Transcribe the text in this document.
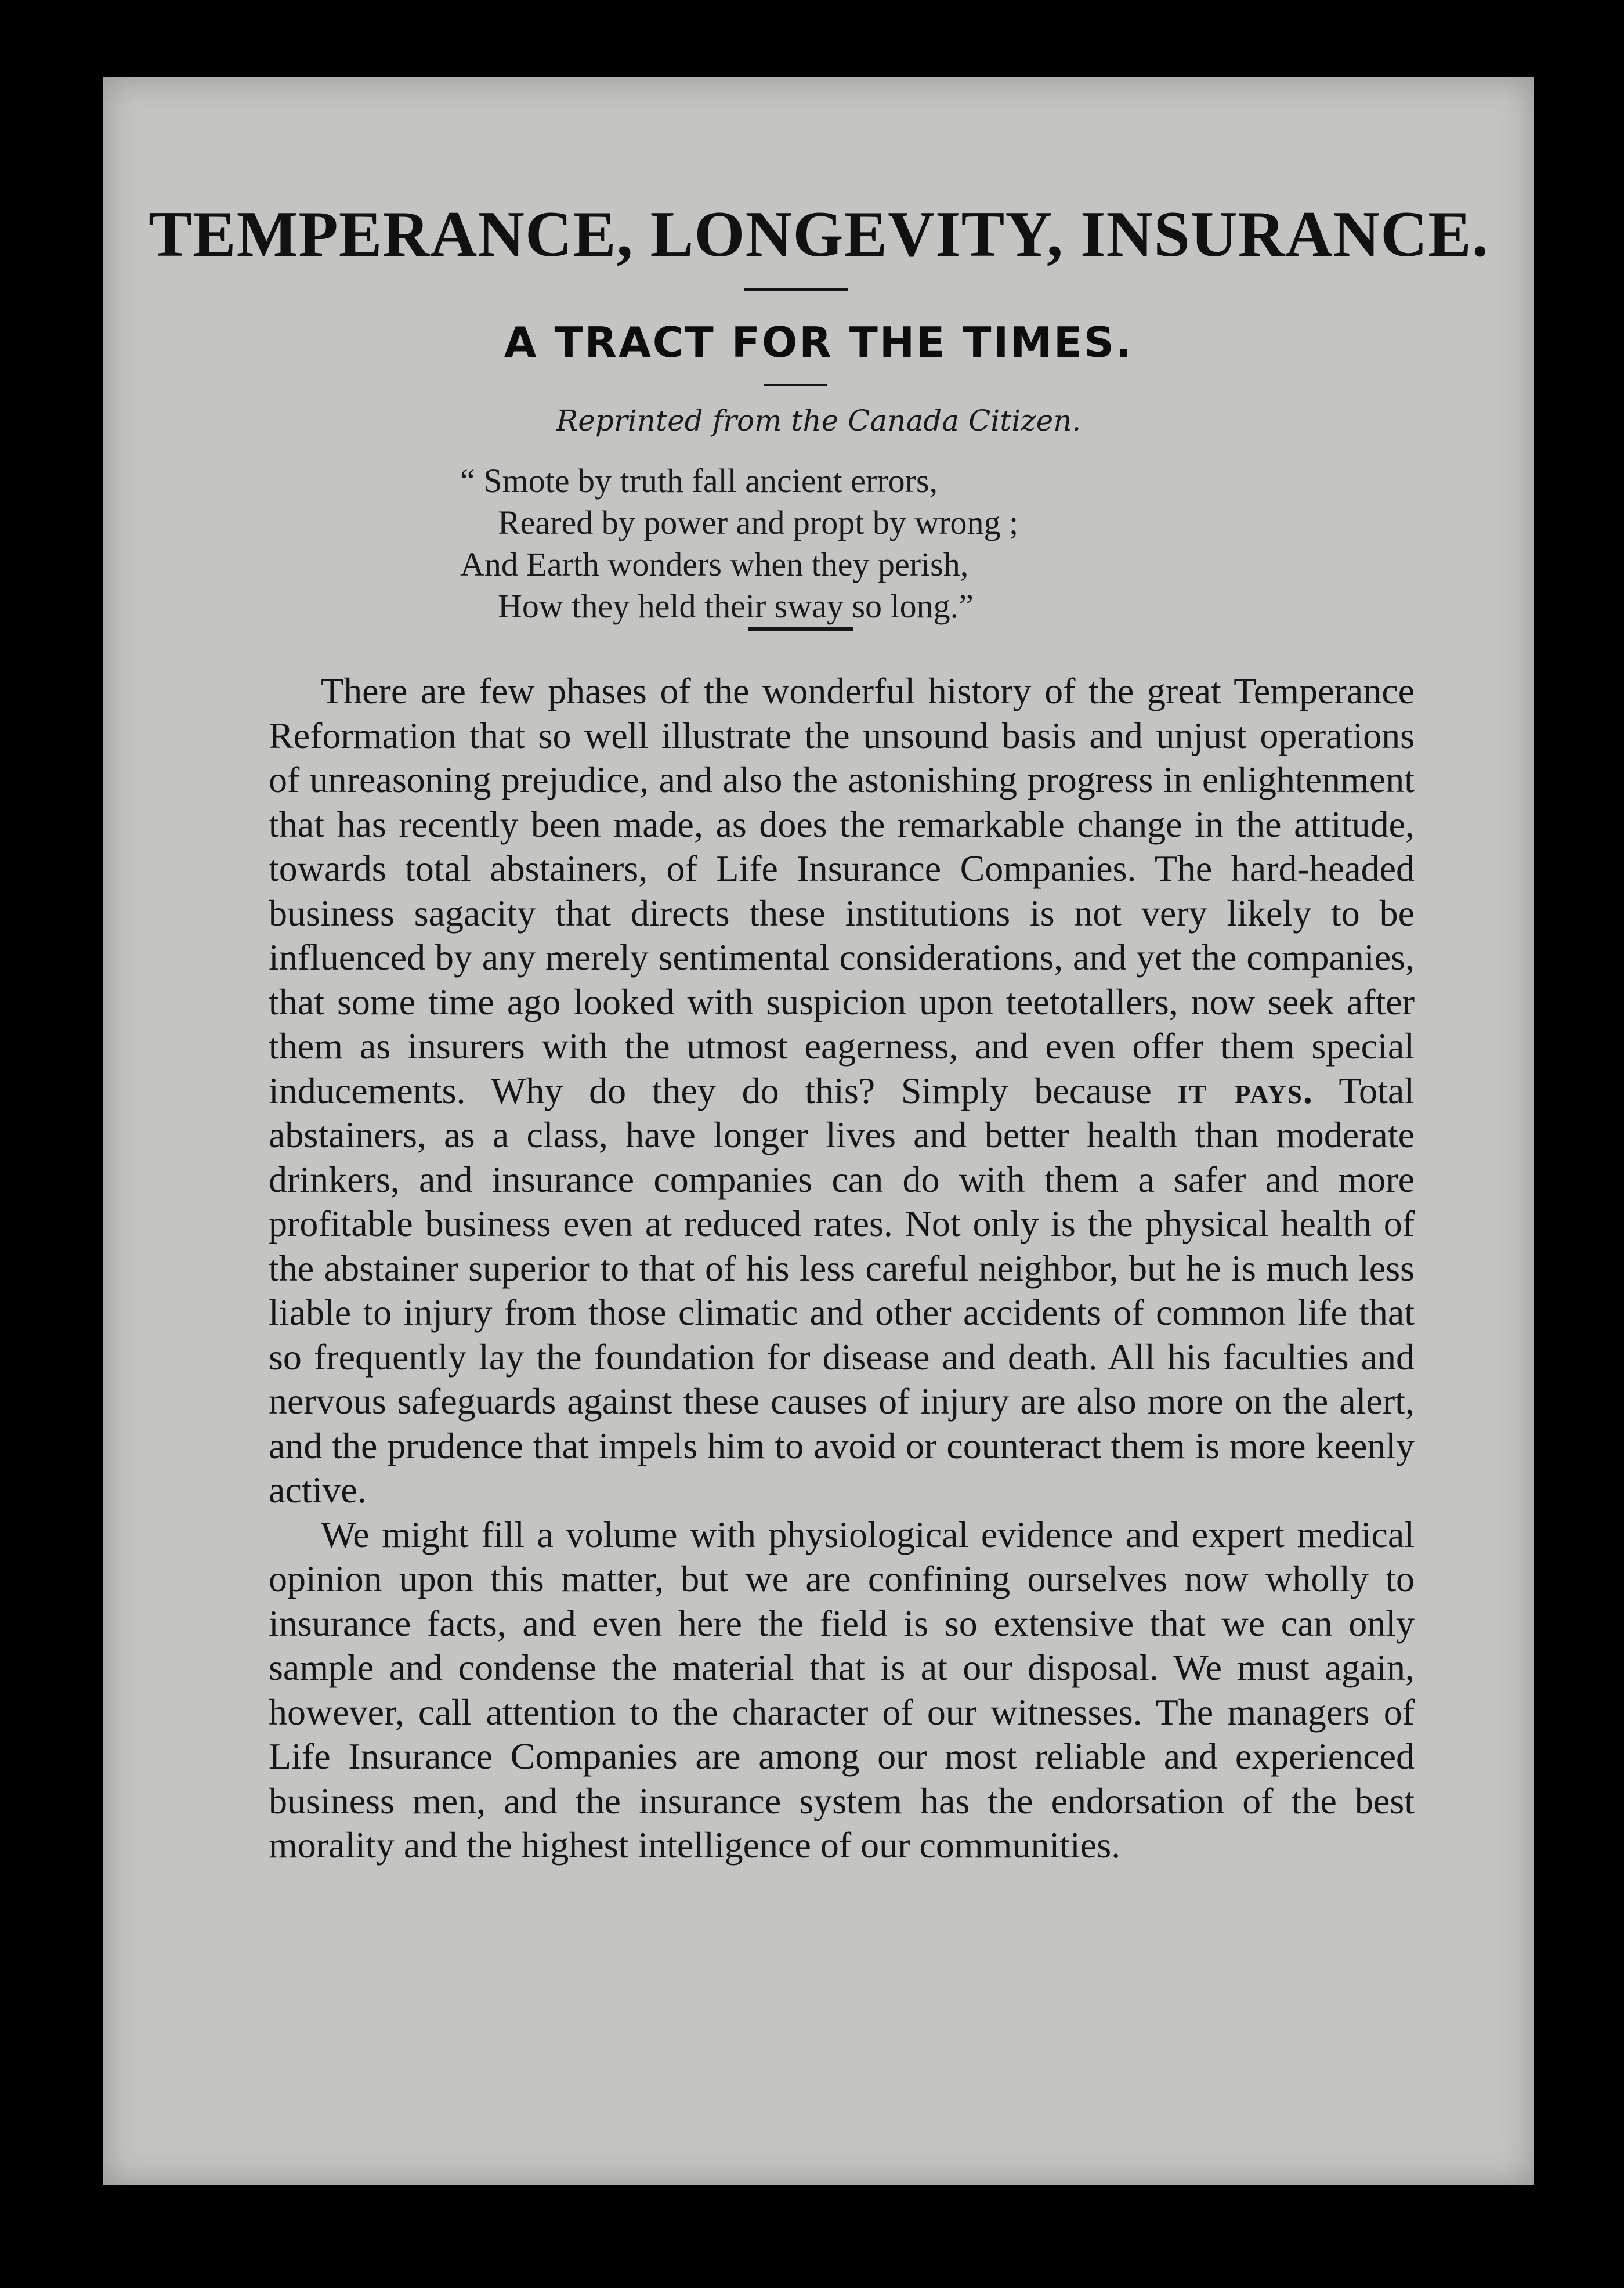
TEMPERANCE, LONGEVITY, INSURANCE.
A TRACT FOR THE TIMES.

Reprinted from the Canada Citizen.

“ Smote by truth fall ancient errors,
Reared by power and propt by wrong ;
And Earth wonders when they perish,
How they held their sway so long.”

There are few phases of the wonderful history of the great Temperance Reformation that so well illustrate the unsound basis and unjust operations of unreasoning prejudice, and also the astonishing progress in enlightenment that has recently been made, as does the remarkable change in the attitude, towards total abstainers, of Life Insurance Companies. The hard-headed business sagacity that directs these institutions is not very likely to be influenced by any merely sentimental considerations, and yet the companies, that some time ago looked with suspicion upon teetotallers, now seek after them as insurers with the utmost eagerness, and even offer them special inducements. Why do they do this? Simply because it pays. Total abstainers, as a class, have longer lives and better health than moderate drinkers, and insurance companies can do with them a safer and more profitable business even at reduced rates. Not only is the physical health of the abstainer superior to that of his less careful neighbor, but he is much less liable to injury from those climatic and other accidents of common life that so frequently lay the foundation for disease and death. All his faculties and nervous safeguards against these causes of injury are also more on the alert, and the prudence that impels him to avoid or counteract them is more keenly active.

We might fill a volume with physiological evidence and expert medical opinion upon this matter, but we are confining ourselves now wholly to insurance facts, and even here the field is so extensive that we can only sample and condense the material that is at our disposal. We must again, however, call attention to the character of our witnesses. The managers of Life Insurance Companies are among our most reliable and experienced business men, and the insurance system has the endorsation of the best morality and the highest intelligence of our communities.
